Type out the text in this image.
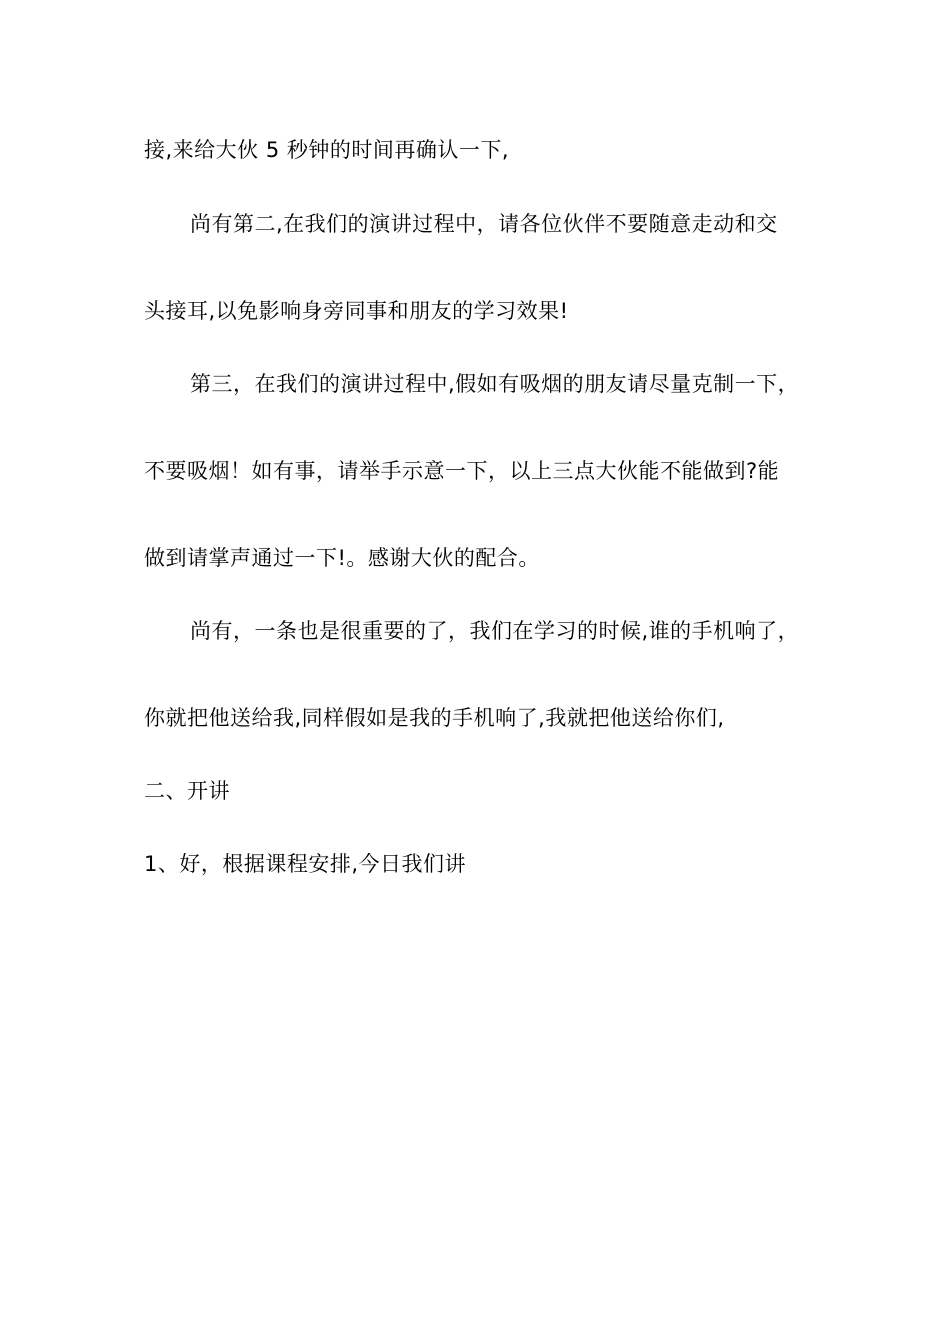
接,来给大伙 5 秒钟的时间再确认一下,
尚有第二,在我们的演讲过程中，请各位伙伴不要随意走动和交
头接耳,以免影响身旁同事和朋友的学习效果!
第三，在我们的演讲过程中,假如有吸烟的朋友请尽量克制一下，
不要吸烟！如有事，请举手示意一下，以上三点大伙能不能做到?能
做到请掌声通过一下!。感谢大伙的配合。
尚有，一条也是很重要的了，我们在学习的时候,谁的手机响了，
你就把他送给我,同样假如是我的手机响了,我就把他送给你们,
二、开讲
1、好，根据课程安排,今日我们讲
